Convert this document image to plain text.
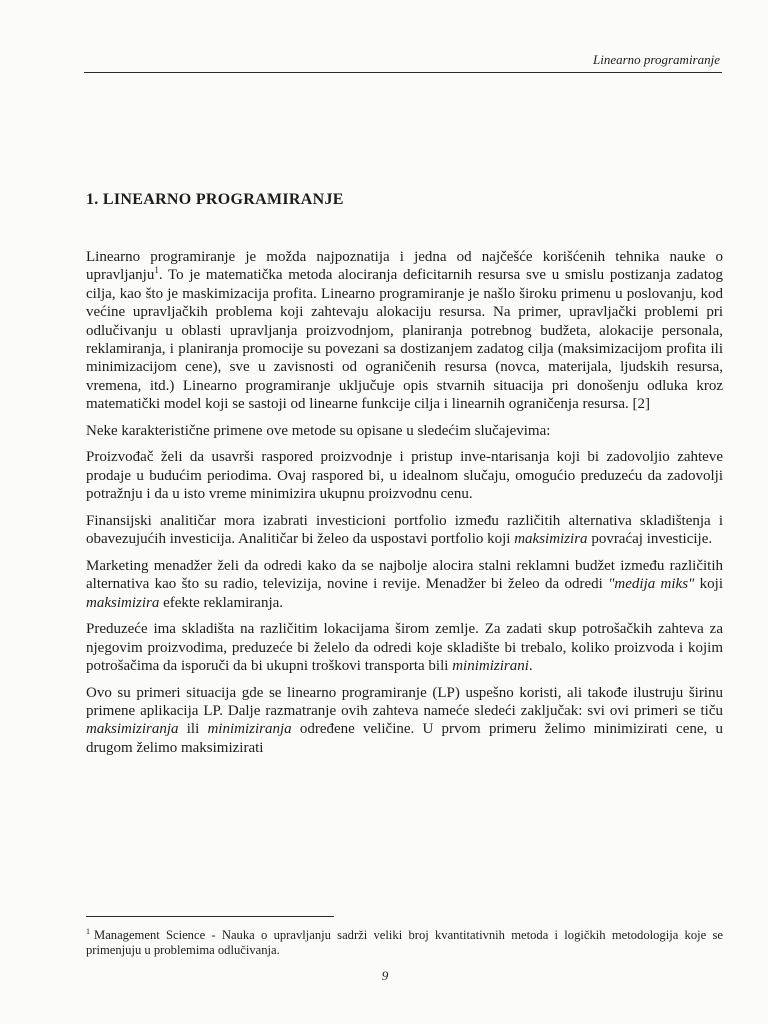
Linearno programiranje
1. LINEARNO PROGRAMIRANJE

Linearno programiranje je možda najpoznatija i jedna od najčešće korišćenih tehnika nauke o upravljanju$^1$. To je matematička metoda alociranja deficitarnih resursa sve u smislu postizanja zadatog cilja, kao što je maskimizacija profita. Linearno programiranje je našlo široku primenu u poslovanju, kod većine upravljačkih problema koji zahtevaju alokaciju resursa. Na primer, upravljački problemi pri odlučivanju u oblasti upravljanja proizvodnjom, planiranja potrebnog budžeta, alokacije personala, reklamiranja, i planiranja promocije su povezani sa dostizanjem zadatog cilja (maksimizacijom profita ili minimizacijom cene), sve u zavisnosti od ograničenih resursa (novca, materijala, ljudskih resursa, vremena, itd.) Linearno programiranje uključuje opis stvarnih situacija pri donošenju odluka kroz matematički model koji se sastoji od linearne funkcije cilja i linearnih ograničenja resursa. [2]

Neke karakteristične primene ove metode su opisane u sledećim slučajevima:

Proizvođač želi da usavrši raspored proizvodnje i pristup inve-ntarisanja koji bi zadovoljio zahteve prodaje u budućim periodima. Ovaj raspored bi, u idealnom slučaju, omogućio preduzeću da zadovolji potražnju i da u isto vreme minimizira ukupnu proizvodnu cenu.

Finansijski analitičar mora izabrati investicioni portfolio između različitih alternativa skladištenja i obavezujućih investicija. Analitičar bi želeo da uspostavi portfolio koji maksimizira povraćaj investicije.

Marketing menadžer želi da odredi kako da se najbolje alocira stalni reklamni budžet između različitih alternativa kao što su radio, televizija, novine i revije. Menadžer bi želeo da odredi "medija miks" koji maksimizira efekte reklamiranja.

Preduzeće ima skladišta na različitim lokacijama širom zemlje. Za zadati skup potrošačkih zahteva za njegovim proizvodima, preduzeće bi želelo da odredi koje skladište bi trebalo, koliko proizvoda i kojim potrošačima da isporuči da bi ukupni troškovi transporta bili minimizirani.

Ovo su primeri situacija gde se linearno programiranje (LP) uspešno koristi, ali takođe ilustruju širinu primene aplikacija LP. Dalje razmatranje ovih zahteva nameće sledeći zaključak: svi ovi primeri se tiču maksimiziranja ili minimiziranja određene veličine. U prvom primeru želimo minimizirati cene, u drugom želimo maksimizirati

$^1$ Management Science - Nauka o upravljanju sadrži veliki broj kvantitativnih metoda i logičkih metodologija koje se primenjuju u problemima odlučivanja.

9
